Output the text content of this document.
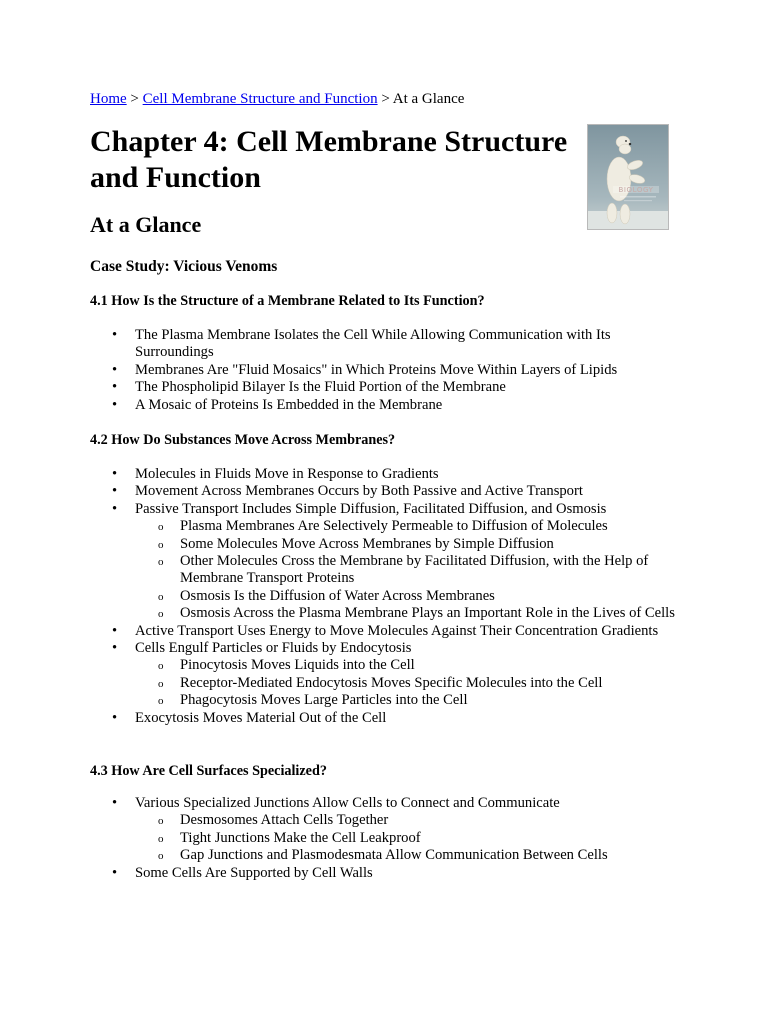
Home > Cell Membrane Structure and Function > At a Glance
Chapter 4: Cell Membrane Structure and Function	BIOLOGY
At a Glance
Case Study: Vicious Venoms
4.1 How Is the Structure of a Membrane Related to Its Function?
• The Plasma Membrane Isolates the Cell While Allowing Communication with Its Surroundings
• Membranes Are "Fluid Mosaics" in Which Proteins Move Within Layers of Lipids
• The Phospholipid Bilayer Is the Fluid Portion of the Membrane
• A Mosaic of Proteins Is Embedded in the Membrane
4.2 How Do Substances Move Across Membranes?
• Molecules in Fluids Move in Response to Gradients
• Movement Across Membranes Occurs by Both Passive and Active Transport
• Passive Transport Includes Simple Diffusion, Facilitated Diffusion, and Osmosis
o Plasma Membranes Are Selectively Permeable to Diffusion of Molecules
o Some Molecules Move Across Membranes by Simple Diffusion
o Other Molecules Cross the Membrane by Facilitated Diffusion, with the Help of Membrane Transport Proteins
o Osmosis Is the Diffusion of Water Across Membranes
o Osmosis Across the Plasma Membrane Plays an Important Role in the Lives of Cells
• Active Transport Uses Energy to Move Molecules Against Their Concentration Gradients
• Cells Engulf Particles or Fluids by Endocytosis
o Pinocytosis Moves Liquids into the Cell
o Receptor-Mediated Endocytosis Moves Specific Molecules into the Cell
o Phagocytosis Moves Large Particles into the Cell
• Exocytosis Moves Material Out of the Cell
4.3 How Are Cell Surfaces Specialized?
• Various Specialized Junctions Allow Cells to Connect and Communicate
o Desmosomes Attach Cells Together
o Tight Junctions Make the Cell Leakproof
o Gap Junctions and Plasmodesmata Allow Communication Between Cells
• Some Cells Are Supported by Cell Walls
